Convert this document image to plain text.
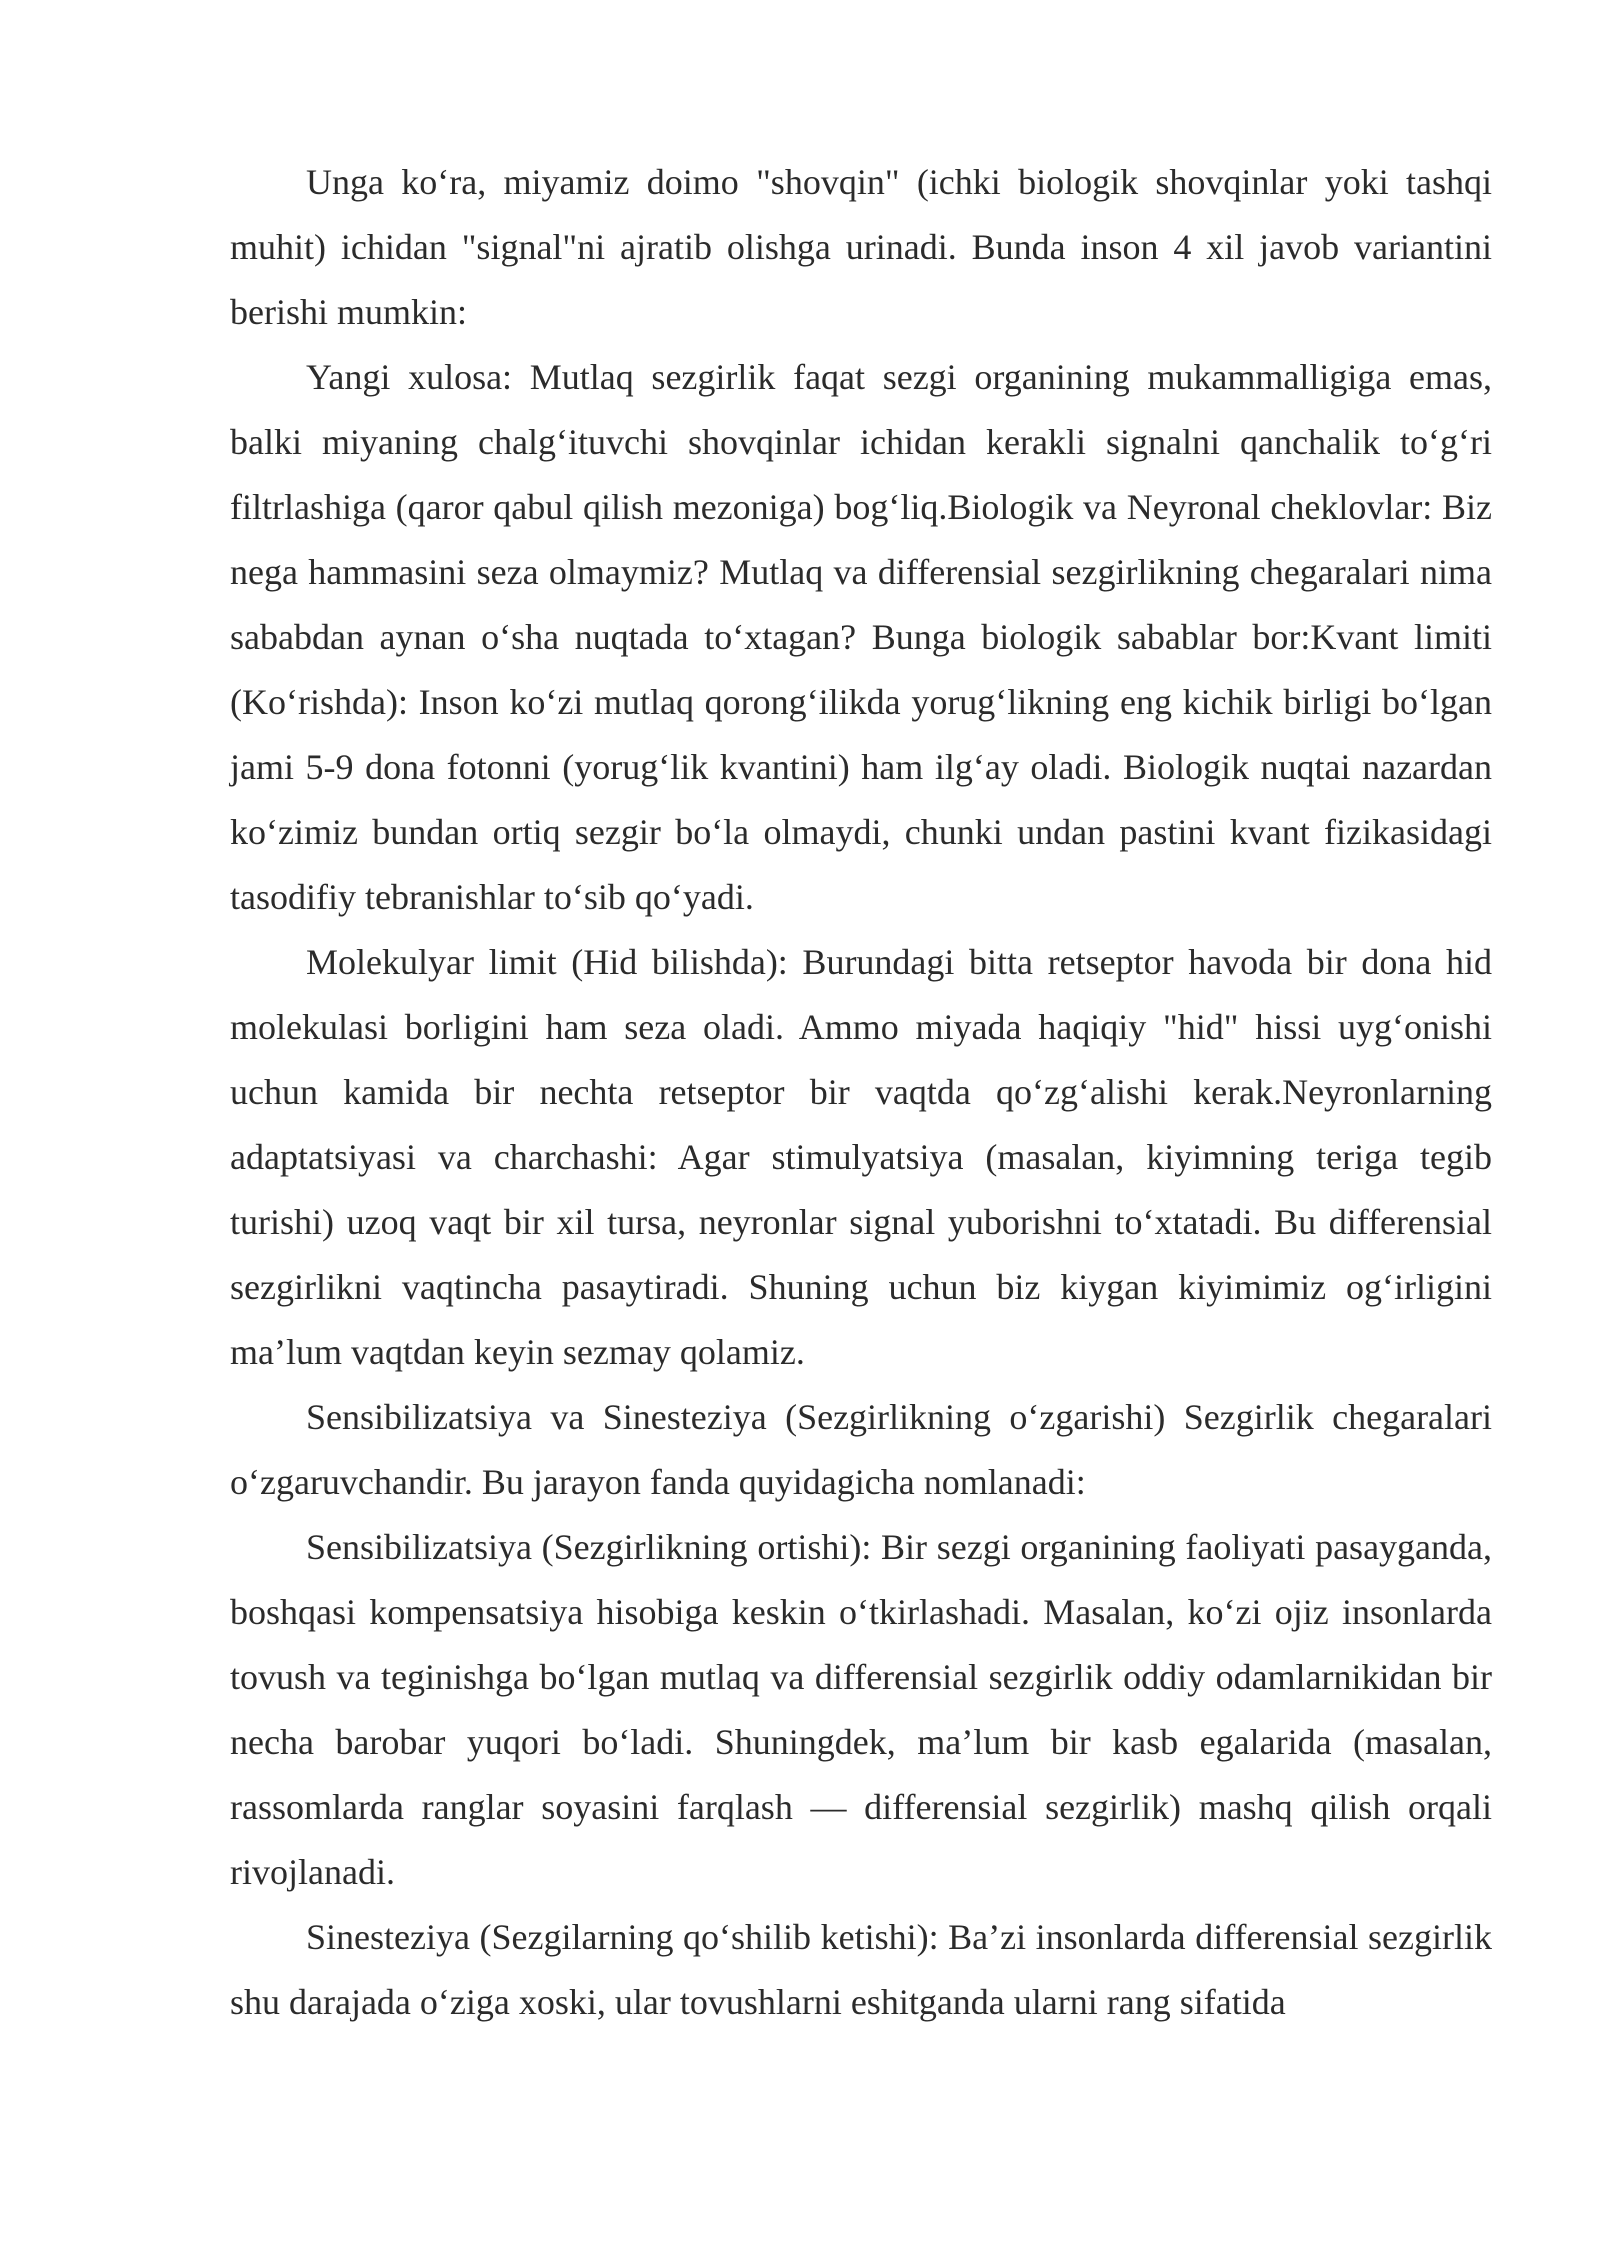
Unga ko‘ra, miyamiz doimo "shovqin" (ichki biologik shovqinlar yoki tashqi muhit) ichidan "signal"ni ajratib olishga urinadi. Bunda inson 4 xil javob variantini berishi mumkin:

Yangi xulosa: Mutlaq sezgirlik faqat sezgi organining mukammalligiga emas, balki miyaning chalg‘ituvchi shovqinlar ichidan kerakli signalni qanchalik to‘g‘ri filtrlashiga (qaror qabul qilish mezoniga) bog‘liq.Biologik va Neyronal cheklovlar: Biz nega hammasini seza olmaymiz? Mutlaq va differensial sezgirlikning chegaralari nima sababdan aynan o‘sha nuqtada to‘xtagan? Bunga biologik sabablar bor:Kvant limiti (Ko‘rishda): Inson ko‘zi mutlaq qorong‘ilikda yorug‘likning eng kichik birligi bo‘lgan jami 5-9 dona fotonni (yorug‘lik kvantini) ham ilg‘ay oladi. Biologik nuqtai nazardan ko‘zimiz bundan ortiq sezgir bo‘la olmaydi, chunki undan pastini kvant fizikasidagi tasodifiy tebranishlar to‘sib qo‘yadi.

Molekulyar limit (Hid bilishda): Burundagi bitta retseptor havoda bir dona hid molekulasi borligini ham seza oladi. Ammo miyada haqiqiy "hid" hissi uyg‘onishi uchun kamida bir nechta retseptor bir vaqtda qo‘zg‘alishi kerak.Neyronlarning adaptatsiyasi va charchashi: Agar stimulyatsiya (masalan, kiyimning teriga tegib turishi) uzoq vaqt bir xil tursa, neyronlar signal yuborishni to‘xtatadi. Bu differensial sezgirlikni vaqtincha pasaytiradi. Shuning uchun biz kiygan kiyimimiz og‘irligini ma’lum vaqtdan keyin sezmay qolamiz.

Sensibilizatsiya va Sinesteziya (Sezgirlikning o‘zgarishi) Sezgirlik chegaralari o‘zgaruvchandir. Bu jarayon fanda quyidagicha nomlanadi:

Sensibilizatsiya (Sezgirlikning ortishi): Bir sezgi organining faoliyati pasayganda, boshqasi kompensatsiya hisobiga keskin o‘tkirlashadi. Masalan, ko‘zi ojiz insonlarda tovush va teginishga bo‘lgan mutlaq va differensial sezgirlik oddiy odamlarnikidan bir necha barobar yuqori bo‘ladi. Shuningdek, ma’lum bir kasb egalarida (masalan, rassomlarda ranglar soyasini farqlash — differensial sezgirlik) mashq qilish orqali rivojlanadi.

Sinesteziya (Sezgilarning qo‘shilib ketishi): Ba’zi insonlarda differensial sezgirlik shu darajada o‘ziga xoski, ular tovushlarni eshitganda ularni rang sifatida
